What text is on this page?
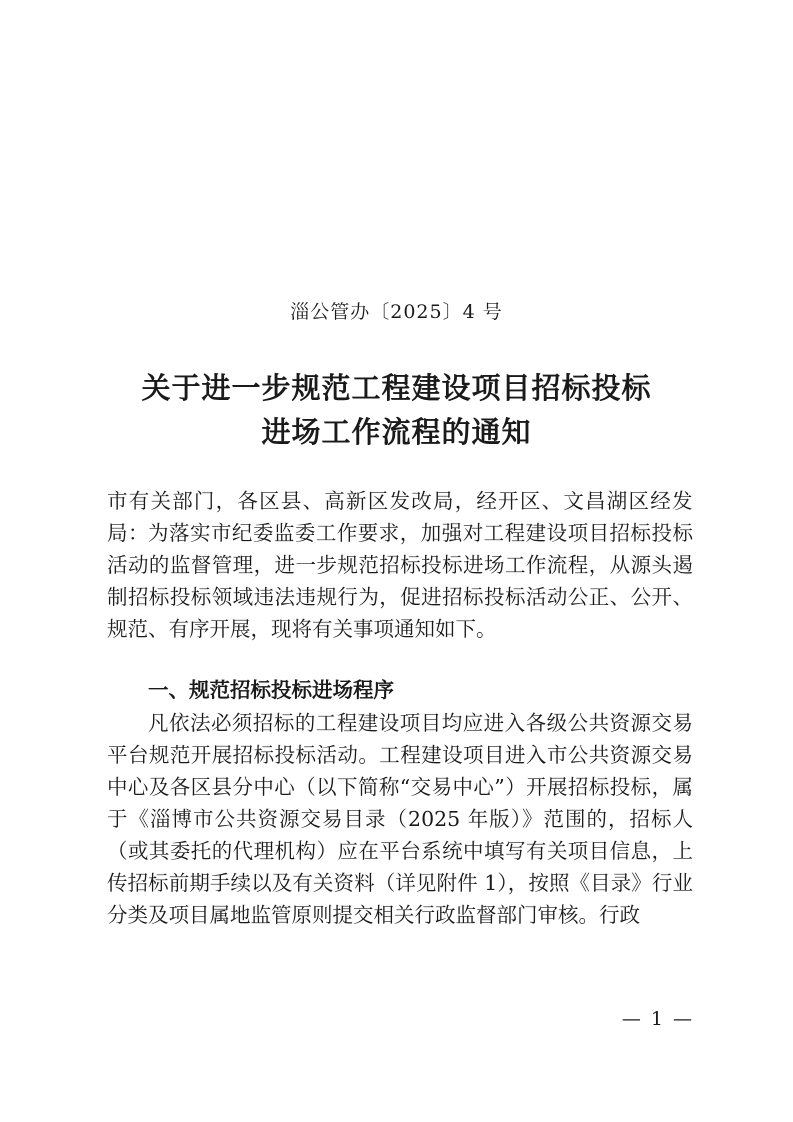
淄公管办〔2025〕4 号
关于进一步规范工程建设项目招标投标
进场工作流程的通知
市有关部门，各区县、高新区发改局，经开区、文昌湖区经发局： 为落实市纪委监委工作要求，加强对工程建设项目招标投标活动的监督管理，进一步规范招标投标进场工作流程，从源头遏制招标投标领域违法违规行为，促进招标投标活动公正、公开、规范、有序开展，现将有关事项通知如下。
一、规范招标投标进场程序
凡依法必须招标的工程建设项目均应进入各级公共资源交易平台规范开展招标投标活动。工程建设项目进入市公共资源交易中心及各区县分中心（以下简称“交易中心”）开展招标投标，属于《淄博市公共资源交易目录（2025 年版）》范围的，招标人（或其委托的代理机构）应在平台系统中填写有关项目信息，上传招标前期手续以及有关资料（详见附件 1），按照《目录》行业分类及项目属地监管原则提交相关行政监督部门审核。行政
— 1 —
